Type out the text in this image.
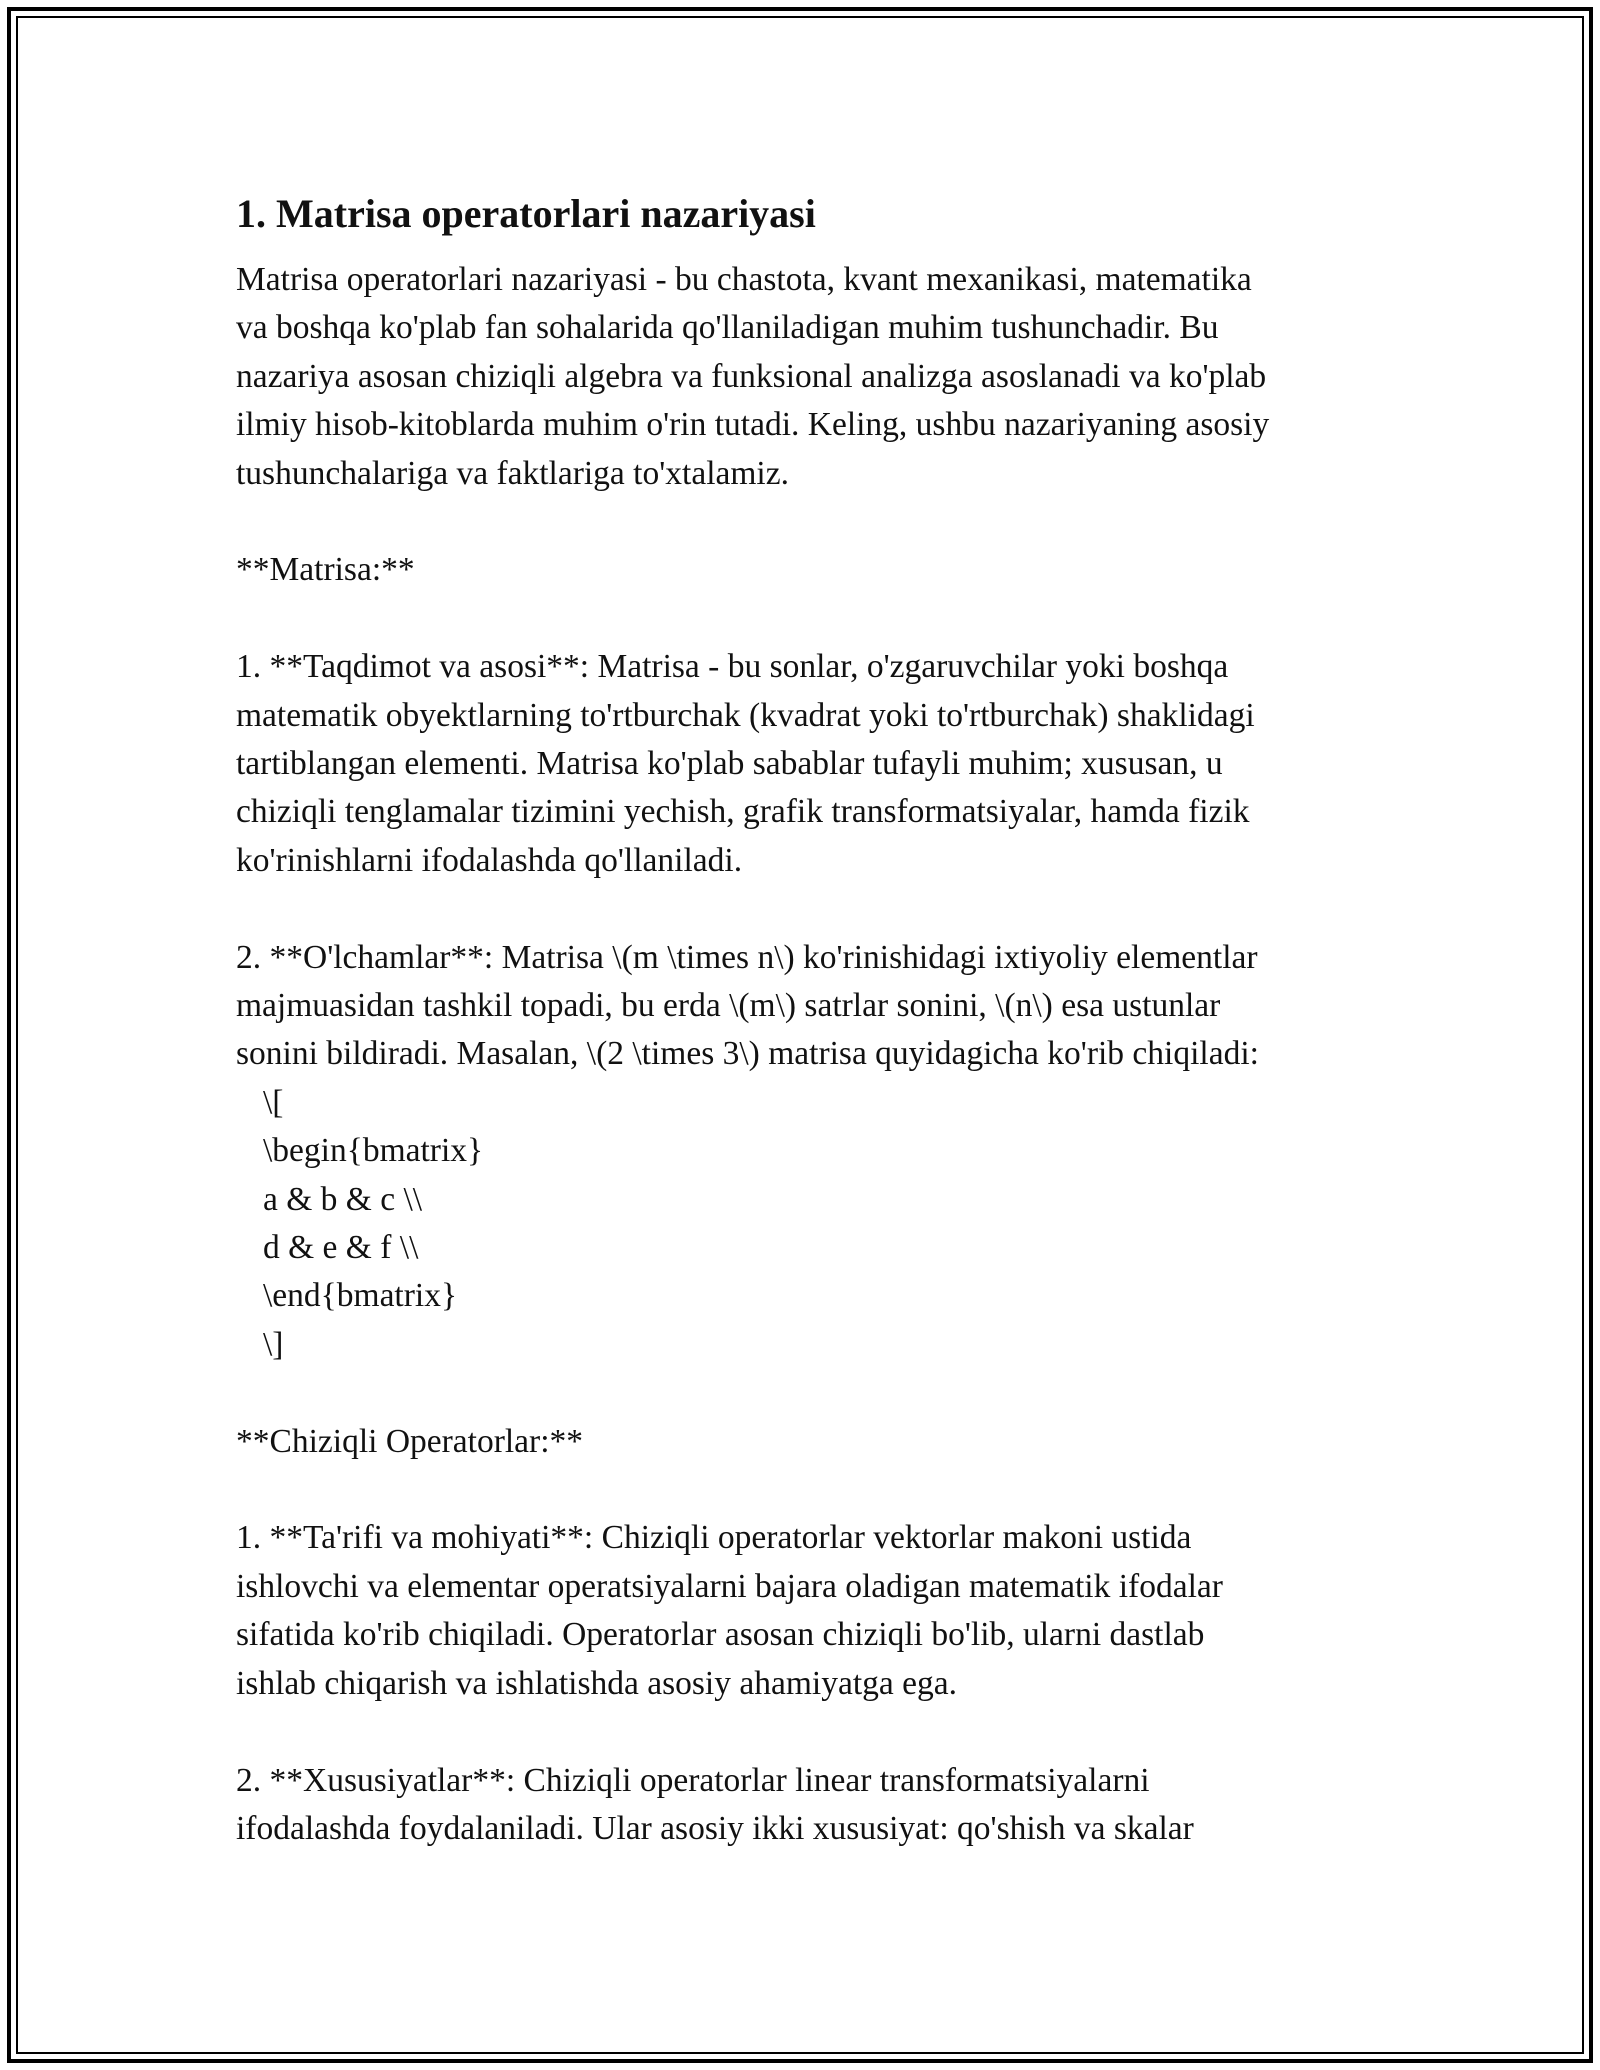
1. Matrisa operatorlari nazariyasi
Matrisa operatorlari nazariyasi - bu chastota, kvant mexanikasi, matematika
va boshqa ko'plab fan sohalarida qo'llaniladigan muhim tushunchadir. Bu
nazariya asosan chiziqli algebra va funksional analizga asoslanadi va ko'plab
ilmiy hisob-kitoblarda muhim o'rin tutadi. Keling, ushbu nazariyaning asosiy
tushunchalariga va faktlariga to'xtalamiz.
**Matrisa:**
1. **Taqdimot va asosi**: Matrisa - bu sonlar, o'zgaruvchilar yoki boshqa
matematik obyektlarning to'rtburchak (kvadrat yoki to'rtburchak) shaklidagi
tartiblangan elementi. Matrisa ko'plab sabablar tufayli muhim; xususan, u
chiziqli tenglamalar tizimini yechish, grafik transformatsiyalar, hamda fizik
ko'rinishlarni ifodalashda qo'llaniladi.
2. **O'lchamlar**: Matrisa \(m \times n\) ko'rinishidagi ixtiyoliy elementlar
majmuasidan tashkil topadi, bu erda \(m\) satrlar sonini, \(n\) esa ustunlar
sonini bildiradi. Masalan, \(2 \times 3\) matrisa quyidagicha ko'rib chiqiladi:
\[
\begin{bmatrix}
a & b & c \\
d & e & f \\
\end{bmatrix}
\]
**Chiziqli Operatorlar:**
1. **Ta'rifi va mohiyati**: Chiziqli operatorlar vektorlar makoni ustida
ishlovchi va elementar operatsiyalarni bajara oladigan matematik ifodalar
sifatida ko'rib chiqiladi. Operatorlar asosan chiziqli bo'lib, ularni dastlab
ishlab chiqarish va ishlatishda asosiy ahamiyatga ega.
2. **Xususiyatlar**: Chiziqli operatorlar linear transformatsiyalarni
ifodalashda foydalaniladi. Ular asosiy ikki xususiyat: qo'shish va skalar
